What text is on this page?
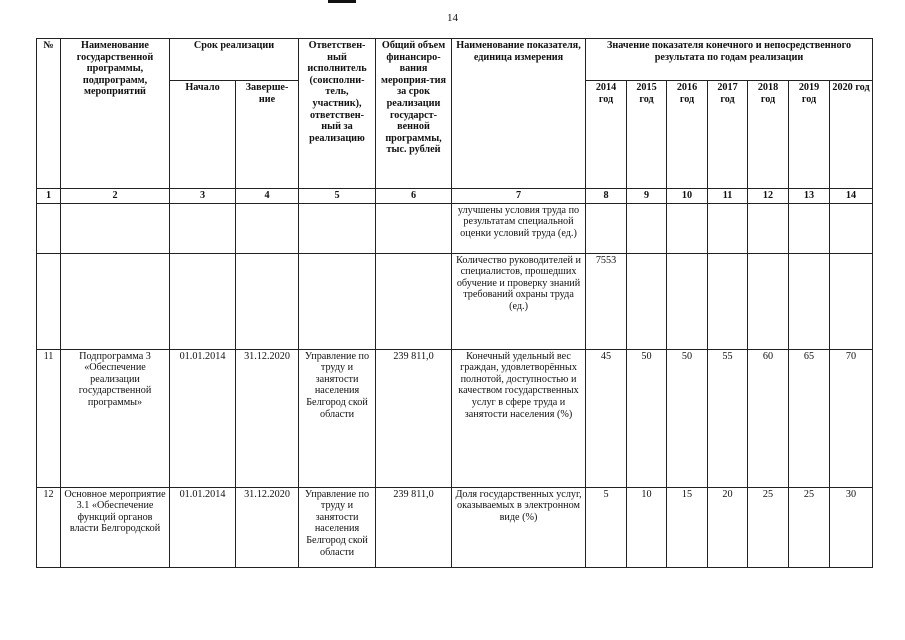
14
№	Наименование государственной программы, подпрограмм, мероприятий	Срок реализации		Ответствен-ный исполнитель (соисполни-тель, участник), ответствен-ный за реализацию	Общий объем финансиро-вания мероприя-тия за срок реализации государст-венной программы, тыс. рублей	Наименование показателя, единица измерения	Значение показателя конечного и непосредственного результата по годам реализации						
		Начало	Заверше-ние				2014 год	2015 год	2016 год	2017 год	2018 год	2019 год	2020 год
1	2	3	4	5	6	7	8	9	10	11	12	13	14
						улучшены условия труда по результатам специальной оценки условий труда (ед.)							
						Количество руководителей и специалистов, прошедших обучение и проверку знаний требований охраны труда (ед.)	7553						
11	Подпрограмма 3 «Обеспечение реализации государственной программы»	01.01.2014	31.12.2020	Управление по труду и занятости населения Белгород ской области	239 811,0	Конечный удельный вес граждан, удовлетворённых полнотой, доступностью и качеством государственных услуг в сфере труда и занятости населения (%)	45	50	50	55	60	65	70
12	Основное мероприятие 3.1 «Обеспечение функций органов власти Белгородской	01.01.2014	31.12.2020	Управление по труду и занятости населения Белгород ской области	239 811,0	Доля государственных услуг, оказываемых в электронном виде (%)	5	10	15	20	25	25	30
